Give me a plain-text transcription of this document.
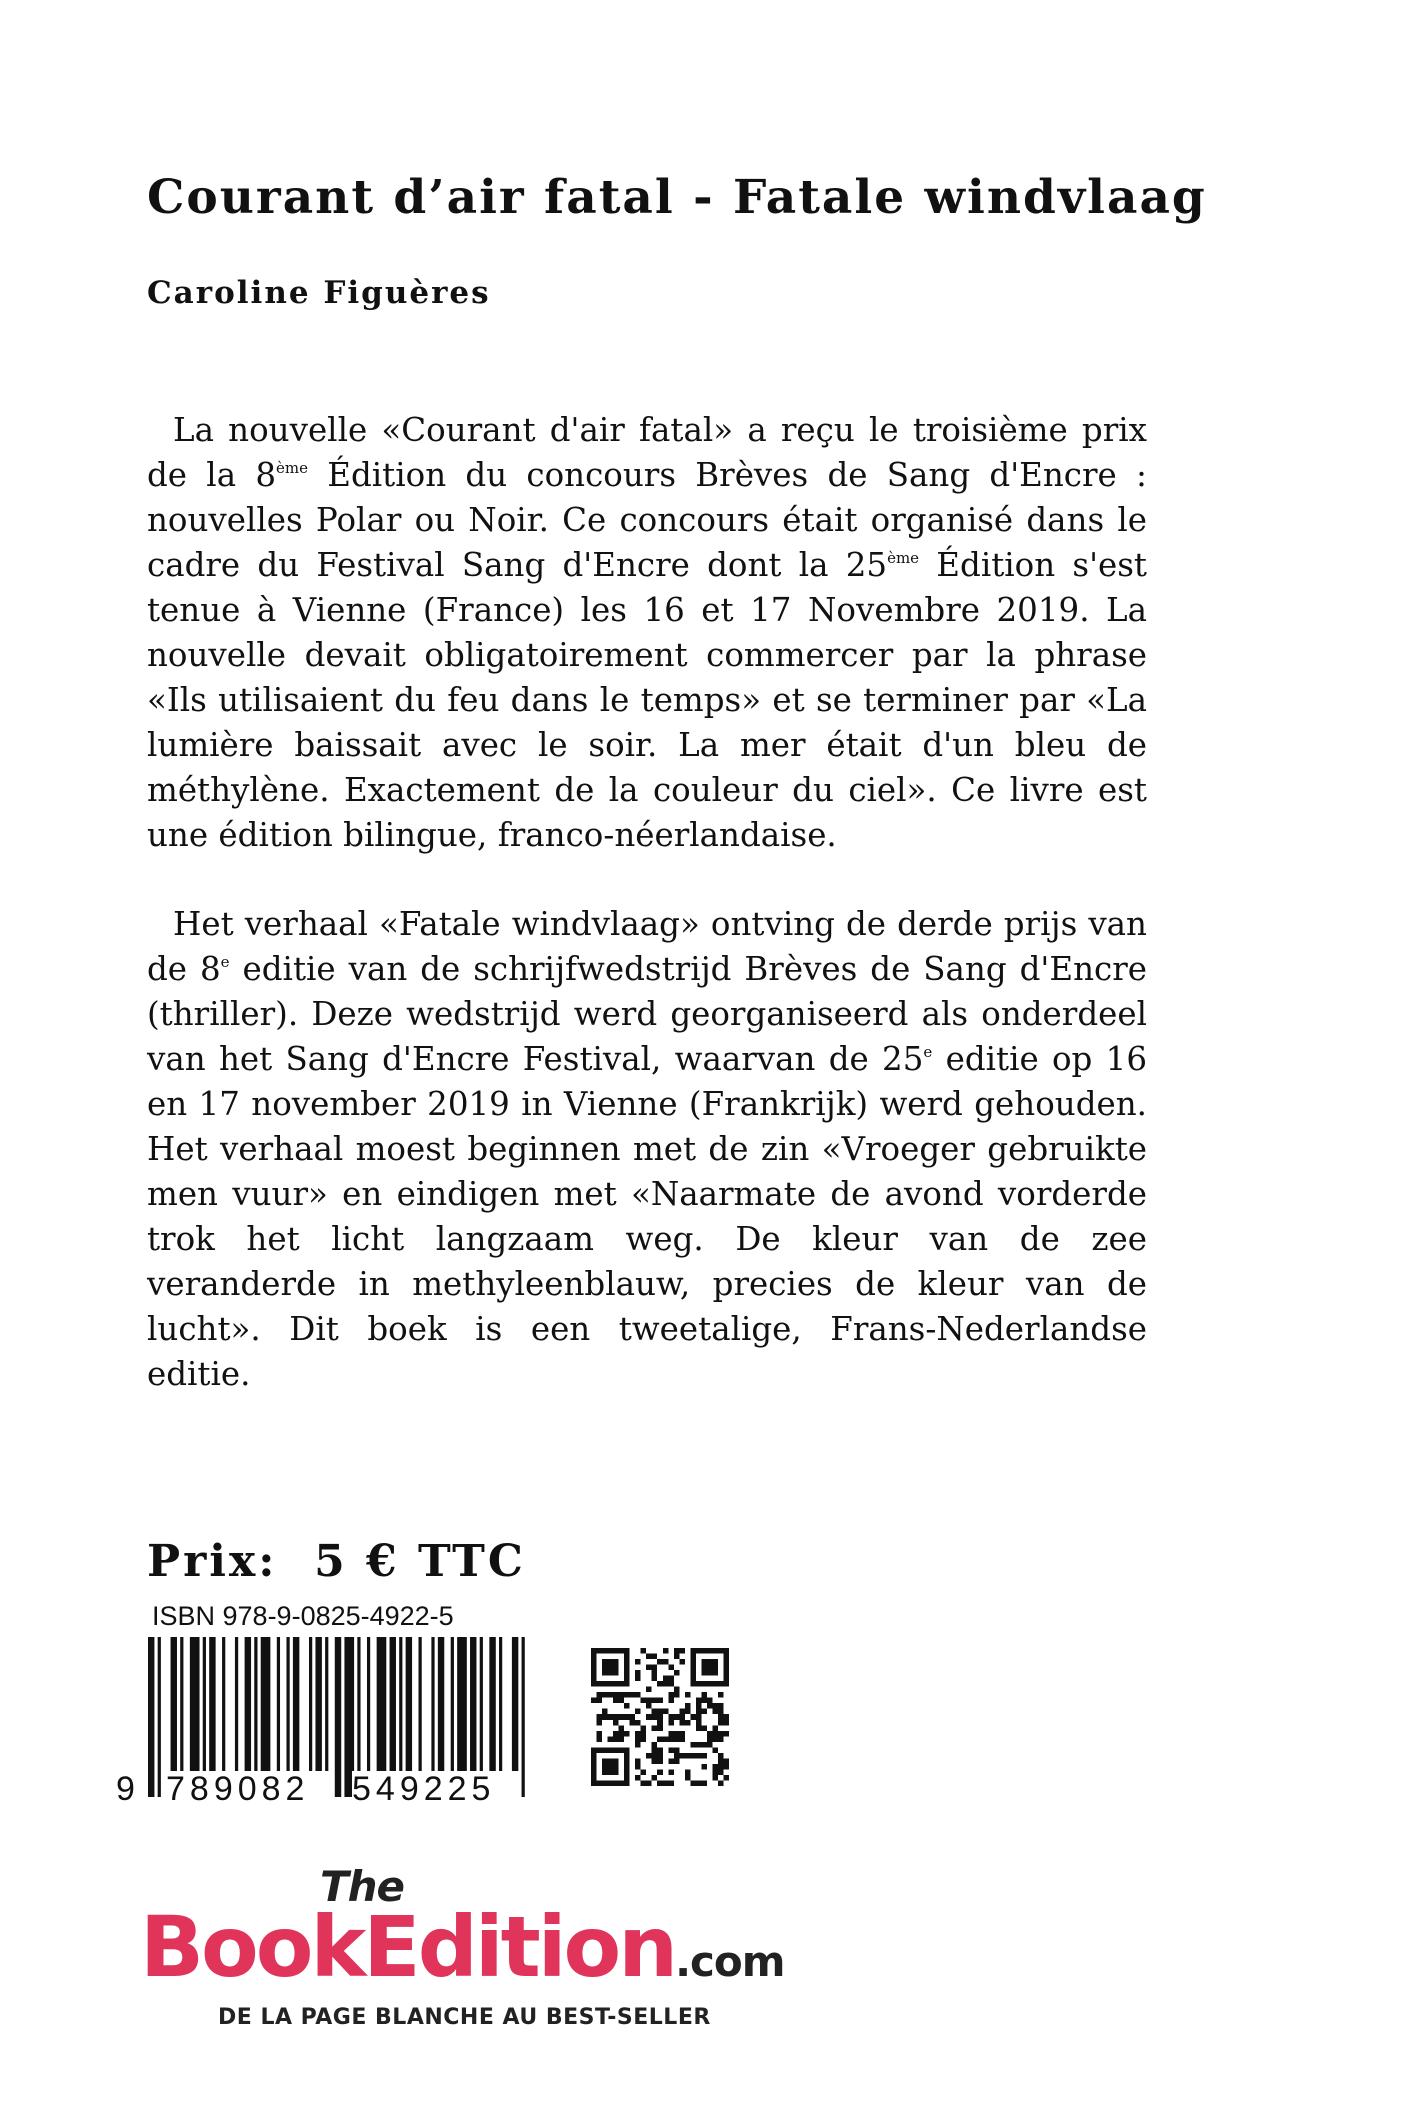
Courant d’air fatal - Fatale windvlaag
Caroline Figuères

La nouvelle «Courant d'air fatal» a reçu le troisième prix de la 8ème Édition du concours Brèves de Sang d'Encre : nouvelles Polar ou Noir. Ce concours était organisé dans le cadre du Festival Sang d'Encre dont la 25ème Édition s'est tenue à Vienne (France) les 16 et 17 Novembre 2019. La nouvelle devait obligatoirement commercer par la phrase «Ils utilisaient du feu dans le temps» et se terminer par «La lumière baissait avec le soir. La mer était d'un bleu de méthylène. Exactement de la couleur du ciel». Ce livre est une édition bilingue, franco-néerlandaise.

Het verhaal «Fatale windvlaag» ontving de derde prijs van de 8e editie van de schrijfwedstrijd Brèves de Sang d'Encre (thriller). Deze wedstrijd werd georganiseerd als onderdeel van het Sang d'Encre Festival, waarvan de 25e editie op 16 en 17 november 2019 in Vienne (Frankrijk) werd gehouden. Het verhaal moest beginnen met de zin «Vroeger gebruikte men vuur» en eindigen met «Naarmate de avond vorderde trok het licht langzaam weg. De kleur van de zee veranderde in methyleenblauw, precies de kleur van de lucht». Dit boek is een tweetalige, Frans-Nederlandse editie.

Prix:  5 € TTC
ISBN 978-9-0825-4922-5
9 789082 549225
The
BookEdition.com
DE LA PAGE BLANCHE AU BEST-SELLER
